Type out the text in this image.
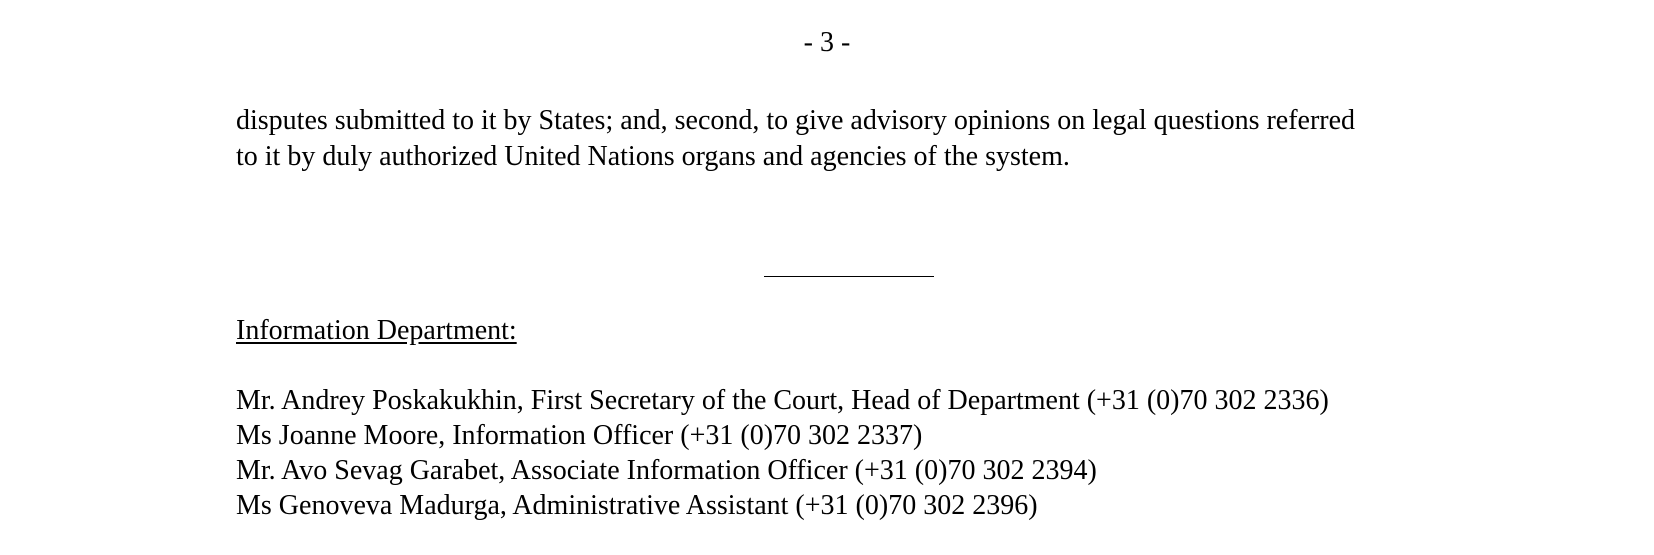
- 3 -

disputes submitted to it by States; and, second, to give advisory opinions on legal questions referred
to it by duly authorized United Nations organs and agencies of the system.

Information Department:
Mr. Andrey Poskakukhin, First Secretary of the Court, Head of Department (+31 (0)70 302 2336)
Ms Joanne Moore, Information Officer (+31 (0)70 302 2337)
Mr. Avo Sevag Garabet, Associate Information Officer (+31 (0)70 302 2394)
Ms Genoveva Madurga, Administrative Assistant (+31 (0)70 302 2396)
